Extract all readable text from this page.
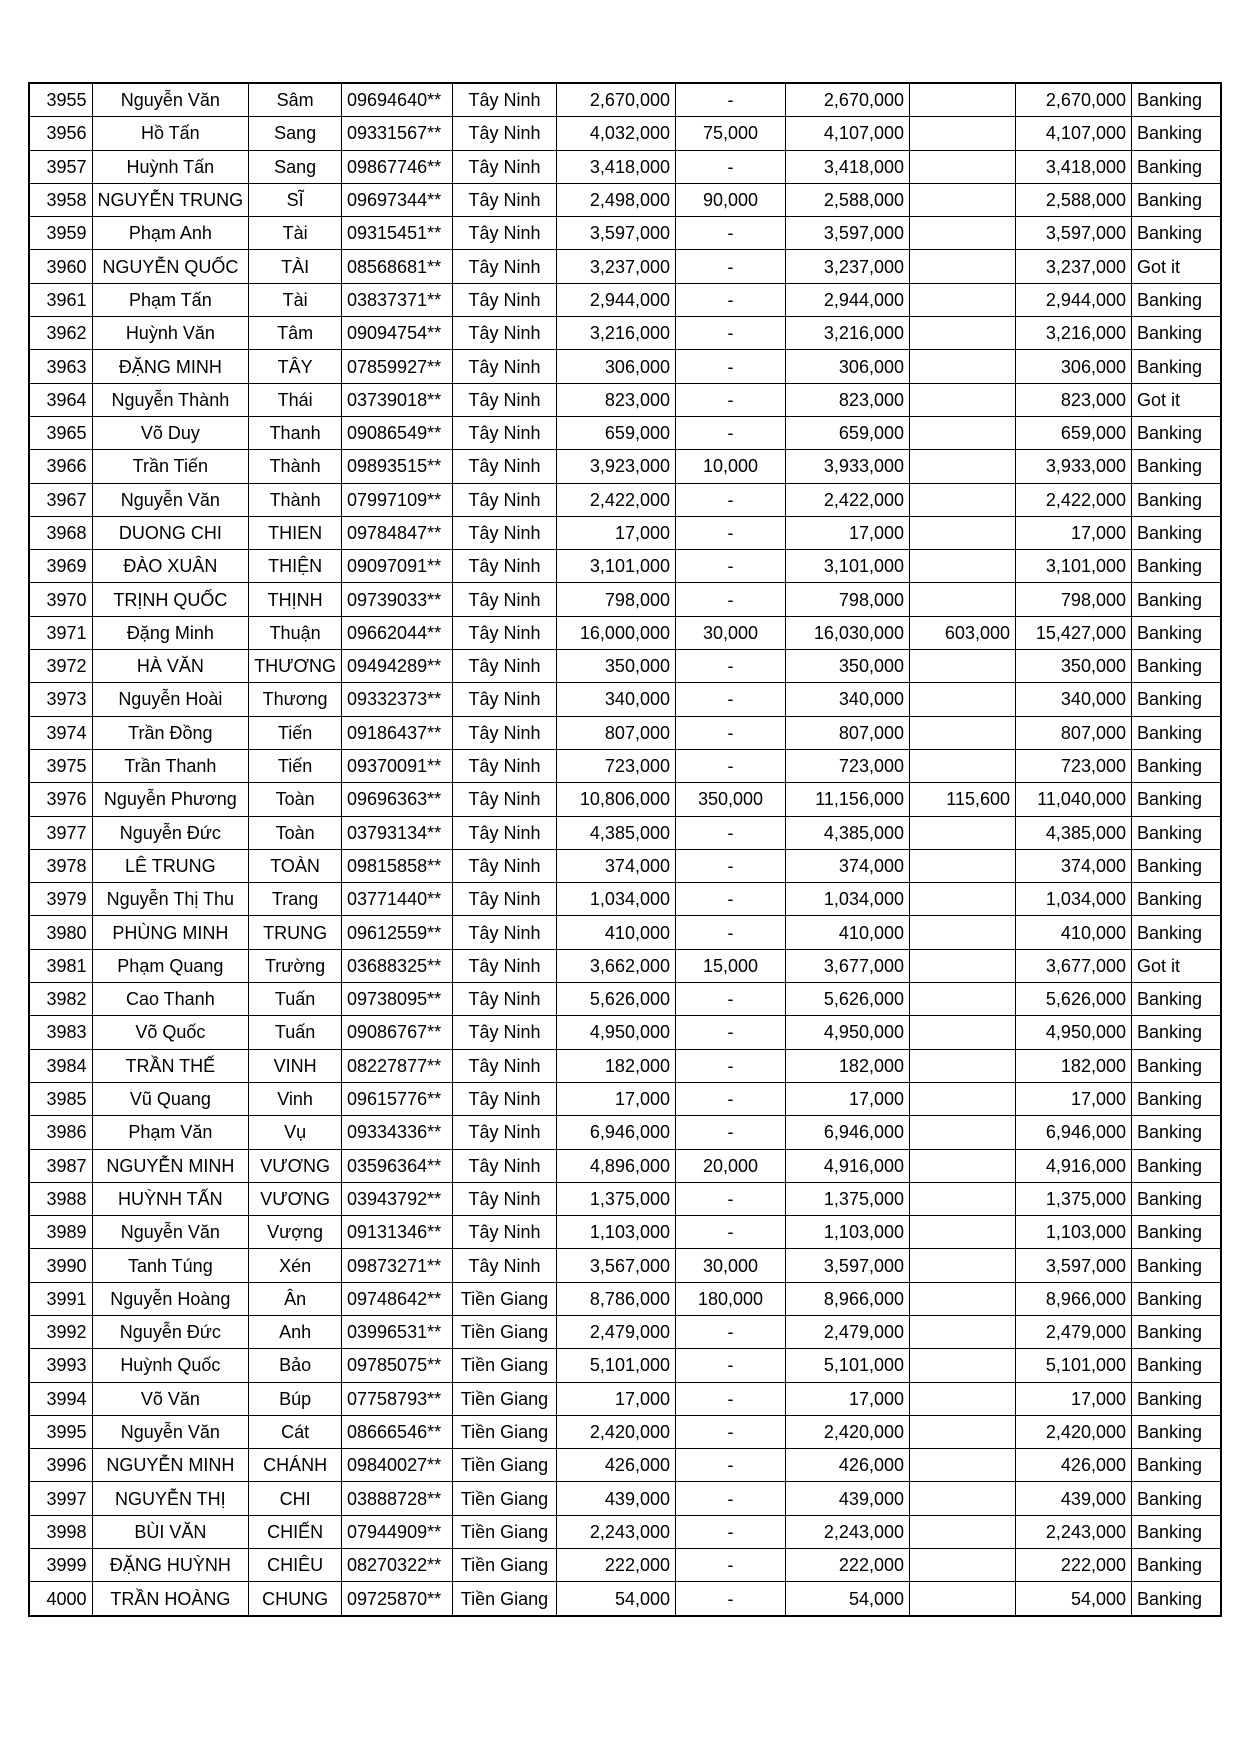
3955	Nguyễn Văn	Sâm	09694640**	Tây Ninh	2,670,000	-	2,670,000		2,670,000	Banking
3956	Hồ Tấn	Sang	09331567**	Tây Ninh	4,032,000	75,000	4,107,000		4,107,000	Banking
3957	Huỳnh Tấn	Sang	09867746**	Tây Ninh	3,418,000	-	3,418,000		3,418,000	Banking
3958	NGUYỄN TRUNG	SĨ	09697344**	Tây Ninh	2,498,000	90,000	2,588,000		2,588,000	Banking
3959	Phạm Anh	Tài	09315451**	Tây Ninh	3,597,000	-	3,597,000		3,597,000	Banking
3960	NGUYỄN QUỐC	TÀI	08568681**	Tây Ninh	3,237,000	-	3,237,000		3,237,000	Got it
3961	Phạm Tấn	Tài	03837371**	Tây Ninh	2,944,000	-	2,944,000		2,944,000	Banking
3962	Huỳnh Văn	Tâm	09094754**	Tây Ninh	3,216,000	-	3,216,000		3,216,000	Banking
3963	ĐẶNG MINH	TÂY	07859927**	Tây Ninh	306,000	-	306,000		306,000	Banking
3964	Nguyễn Thành	Thái	03739018**	Tây Ninh	823,000	-	823,000		823,000	Got it
3965	Võ Duy	Thanh	09086549**	Tây Ninh	659,000	-	659,000		659,000	Banking
3966	Trần Tiến	Thành	09893515**	Tây Ninh	3,923,000	10,000	3,933,000		3,933,000	Banking
3967	Nguyễn Văn	Thành	07997109**	Tây Ninh	2,422,000	-	2,422,000		2,422,000	Banking
3968	DUONG CHI	THIEN	09784847**	Tây Ninh	17,000	-	17,000		17,000	Banking
3969	ĐÀO XUÂN	THIỆN	09097091**	Tây Ninh	3,101,000	-	3,101,000		3,101,000	Banking
3970	TRỊNH QUỐC	THỊNH	09739033**	Tây Ninh	798,000	-	798,000		798,000	Banking
3971	Đặng Minh	Thuận	09662044**	Tây Ninh	16,000,000	30,000	16,030,000	603,000	15,427,000	Banking
3972	HÀ VĂN	THƯƠNG	09494289**	Tây Ninh	350,000	-	350,000		350,000	Banking
3973	Nguyễn Hoài	Thương	09332373**	Tây Ninh	340,000	-	340,000		340,000	Banking
3974	Trần Đồng	Tiến	09186437**	Tây Ninh	807,000	-	807,000		807,000	Banking
3975	Trần Thanh	Tiến	09370091**	Tây Ninh	723,000	-	723,000		723,000	Banking
3976	Nguyễn Phương	Toàn	09696363**	Tây Ninh	10,806,000	350,000	11,156,000	115,600	11,040,000	Banking
3977	Nguyễn Đức	Toàn	03793134**	Tây Ninh	4,385,000	-	4,385,000		4,385,000	Banking
3978	LÊ TRUNG	TOÀN	09815858**	Tây Ninh	374,000	-	374,000		374,000	Banking
3979	Nguyễn Thị Thu	Trang	03771440**	Tây Ninh	1,034,000	-	1,034,000		1,034,000	Banking
3980	PHÙNG MINH	TRUNG	09612559**	Tây Ninh	410,000	-	410,000		410,000	Banking
3981	Phạm Quang	Trường	03688325**	Tây Ninh	3,662,000	15,000	3,677,000		3,677,000	Got it
3982	Cao Thanh	Tuấn	09738095**	Tây Ninh	5,626,000	-	5,626,000		5,626,000	Banking
3983	Võ Quốc	Tuấn	09086767**	Tây Ninh	4,950,000	-	4,950,000		4,950,000	Banking
3984	TRẦN THẾ	VINH	08227877**	Tây Ninh	182,000	-	182,000		182,000	Banking
3985	Vũ Quang	Vinh	09615776**	Tây Ninh	17,000	-	17,000		17,000	Banking
3986	Phạm Văn	Vụ	09334336**	Tây Ninh	6,946,000	-	6,946,000		6,946,000	Banking
3987	NGUYỄN MINH	VƯƠNG	03596364**	Tây Ninh	4,896,000	20,000	4,916,000		4,916,000	Banking
3988	HUỲNH TẤN	VƯƠNG	03943792**	Tây Ninh	1,375,000	-	1,375,000		1,375,000	Banking
3989	Nguyễn Văn	Vượng	09131346**	Tây Ninh	1,103,000	-	1,103,000		1,103,000	Banking
3990	Tanh Túng	Xén	09873271**	Tây Ninh	3,567,000	30,000	3,597,000		3,597,000	Banking
3991	Nguyễn Hoàng	Ân	09748642**	Tiền Giang	8,786,000	180,000	8,966,000		8,966,000	Banking
3992	Nguyễn Đức	Anh	03996531**	Tiền Giang	2,479,000	-	2,479,000		2,479,000	Banking
3993	Huỳnh Quốc	Bảo	09785075**	Tiền Giang	5,101,000	-	5,101,000		5,101,000	Banking
3994	Võ Văn	Búp	07758793**	Tiền Giang	17,000	-	17,000		17,000	Banking
3995	Nguyễn Văn	Cát	08666546**	Tiền Giang	2,420,000	-	2,420,000		2,420,000	Banking
3996	NGUYỄN MINH	CHÁNH	09840027**	Tiền Giang	426,000	-	426,000		426,000	Banking
3997	NGUYỄN THỊ	CHI	03888728**	Tiền Giang	439,000	-	439,000		439,000	Banking
3998	BÙI VĂN	CHIẾN	07944909**	Tiền Giang	2,243,000	-	2,243,000		2,243,000	Banking
3999	ĐẶNG HUỲNH	CHIÊU	08270322**	Tiền Giang	222,000	-	222,000		222,000	Banking
4000	TRẦN HOÀNG	CHUNG	09725870**	Tiền Giang	54,000	-	54,000		54,000	Banking
